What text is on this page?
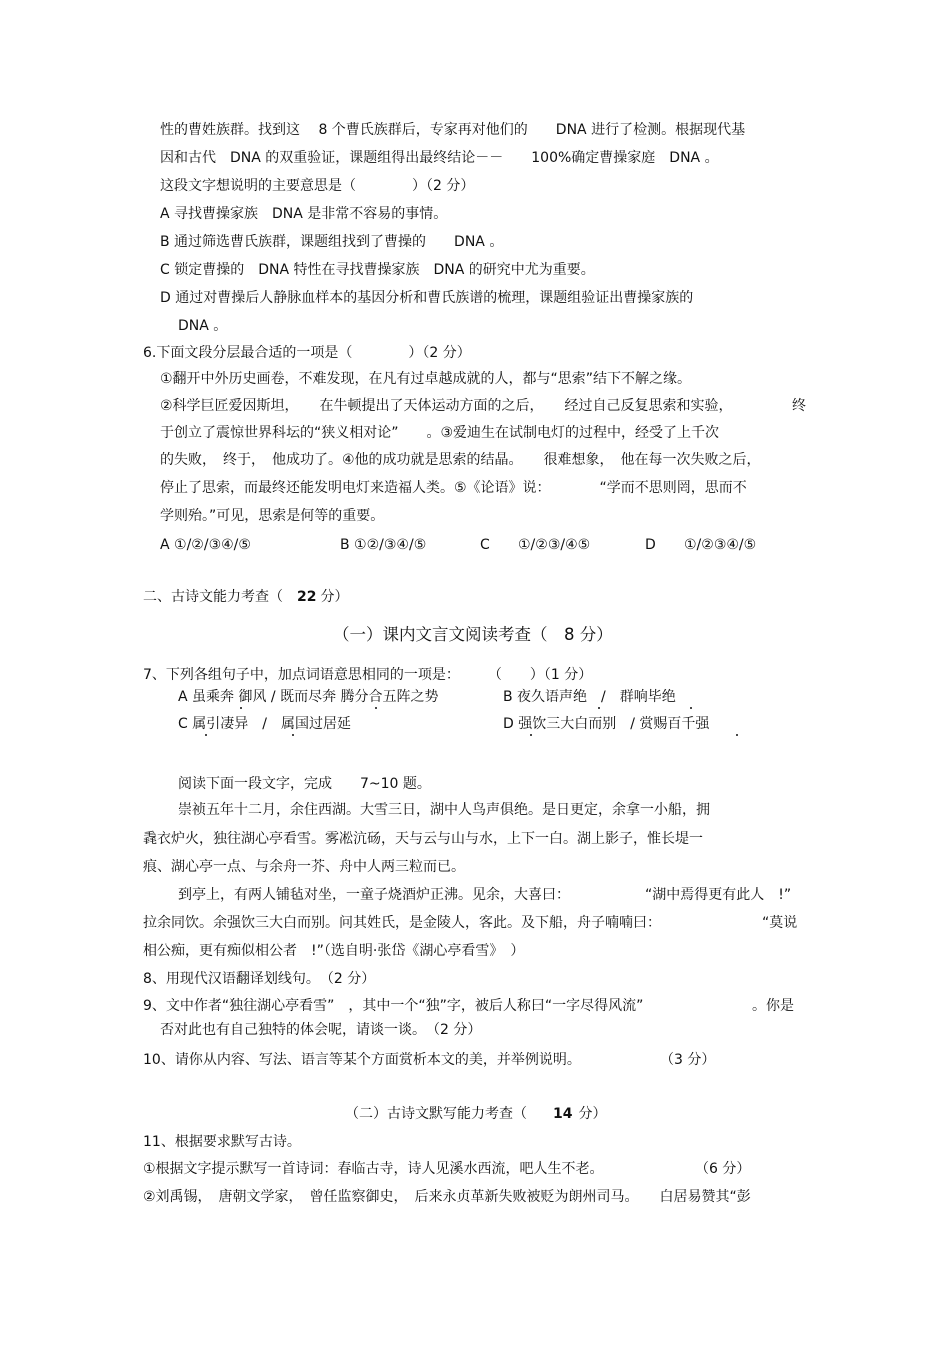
性的曹姓族群。找到这　 8 个曹氏族群后，专家再对他们的　　DNA 进行了检测。根据现代基
因和古代　DNA 的双重验证，课题组得出最终结论－－　　100%确定曹操家庭　DNA 。
这段文字想说明的主要意思是（　　　　）（2 分）
A 寻找曹操家族　DNA 是非常不容易的事情。
B 通过筛选曹氏族群，课题组找到了曹操的　　DNA 。
C 锁定曹操的　DNA 特性在寻找曹操家族　DNA 的研究中尤为重要。
D 通过对曹操后人静脉血样本的基因分析和曹氏族谱的梳理，课题组验证出曹操家族的
DNA 。
6.下面文段分层最合适的一项是（　　　　）（2 分）
①翻开中外历史画卷，不难发现，在凡有过卓越成就的人，都与“思索”结下不解之缘。
②科学巨匠爱因斯坦，　　在牛顿提出了天体运动方面的之后，　　经过自己反复思索和实验，	终
于创立了震惊世界科坛的“狭义相对论”　　。③爱迪生在试制电灯的过程中，经受了上千次
的失败，　终于，　他成功了。④他的成功就是思索的结晶。　　很难想象，　他在每一次失败之后，
停止了思索，而最终还能发明电灯来造福人类。⑤《论语》说：　　　　“学而不思则罔，思而不
学则殆。”可见，思索是何等的重要。
A ①/②/③④/⑤	B ①②/③④/⑤	C ①/②③/④⑤	D ①/②③④/⑤
二、古诗文能力考查（ 22 分）
（一）课内文言文阅读考查（　8 分）
7、下列各组句子中，加点词语意思相同的一项是：　　　（　　）（1 分）
A 虽乘奔 御风 / 既而尽奔 腾分合五阵之势	B 夜久语声绝　/　群响毕绝
C 属引凄异　/　属国过居延	D 强饮三大白而别　/ 赏赐百千强
阅读下面一段文字，完成　　7~10 题。
崇祯五年十二月，余住西湖。大雪三日，湖中人鸟声俱绝。是日更定，余拿一小船，拥
毳衣炉火，独往湖心亭看雪。雾凇沆砀，天与云与山与水，上下一白。湖上影子，惟长堤一
痕、湖心亭一点、与余舟一芥、舟中人两三粒而已。
到亭上，有两人铺毡对坐，一童子烧酒炉正沸。见余，大喜曰：	“湖中焉得更有此人　!”
拉余同饮。余强饮三大白而别。问其姓氏，是金陵人，客此。及下船，舟子喃喃曰：	“莫说
相公痴，更有痴似相公者　!”（选自明·张岱《湖心亭看雪》　）
8、用现代汉语翻译划线句。　（2 分）
9、文中作者“独往湖心亭看雪”　，其中一个“独”字，被后人称曰“一字尽得风流”	。你是
否对此也有自己独特的体会呢，请谈一谈。　（2 分）
10、请你从内容、写法、语言等某个方面赏析本文的美，并举例说明。	（3 分）
（二）古诗文默写能力考查（ 14 分）
11、根据要求默写古诗。
①根据文字提示默写一首诗词：春临古寺，诗人见溪水西流，吧人生不老。	（6 分）
②刘禹锡，　唐朝文学家，　曾任监察御史，　后来永贞革新失败被贬为朗州司马。　　白居易赞其“彭
